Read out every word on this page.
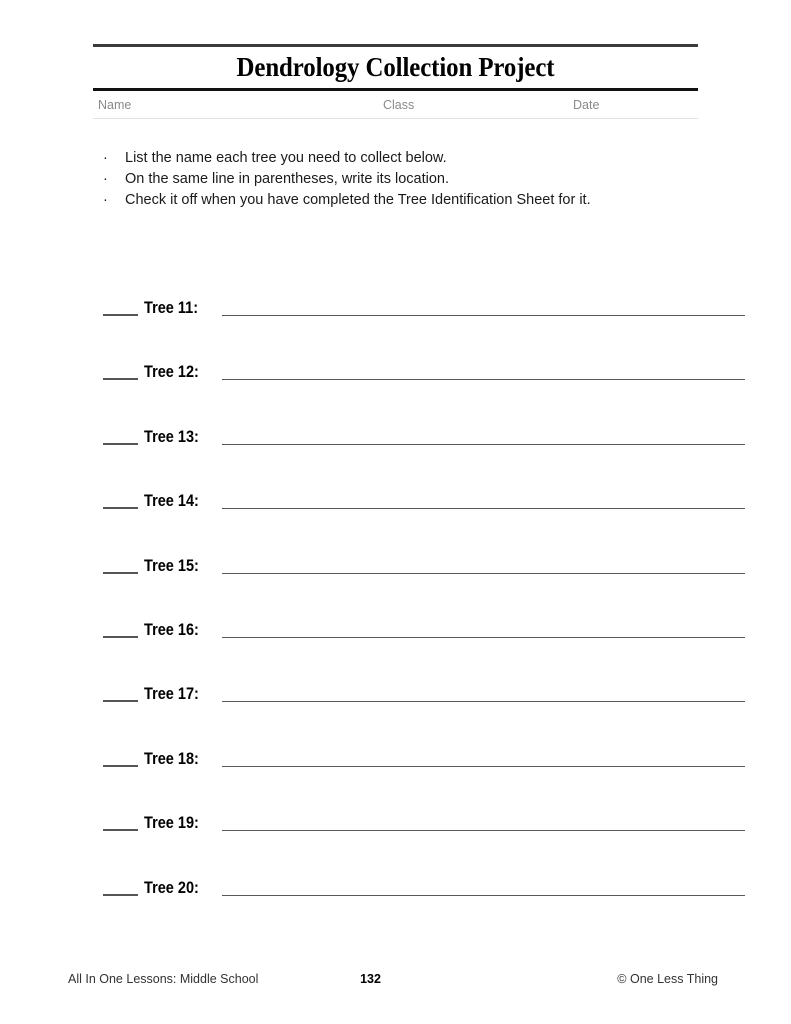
Dendrology Collection Project
Name	Class	Date
· List the name each tree you need to collect below.
· On the same line in parentheses, write its location.
· Check it off when you have completed the Tree Identification Sheet for it.
Tree 11:
Tree 12:
Tree 13:
Tree 14:
Tree 15:
Tree 16:
Tree 17:
Tree 18:
Tree 19:
Tree 20:
All In One Lessons: Middle School	132	© One Less Thing
